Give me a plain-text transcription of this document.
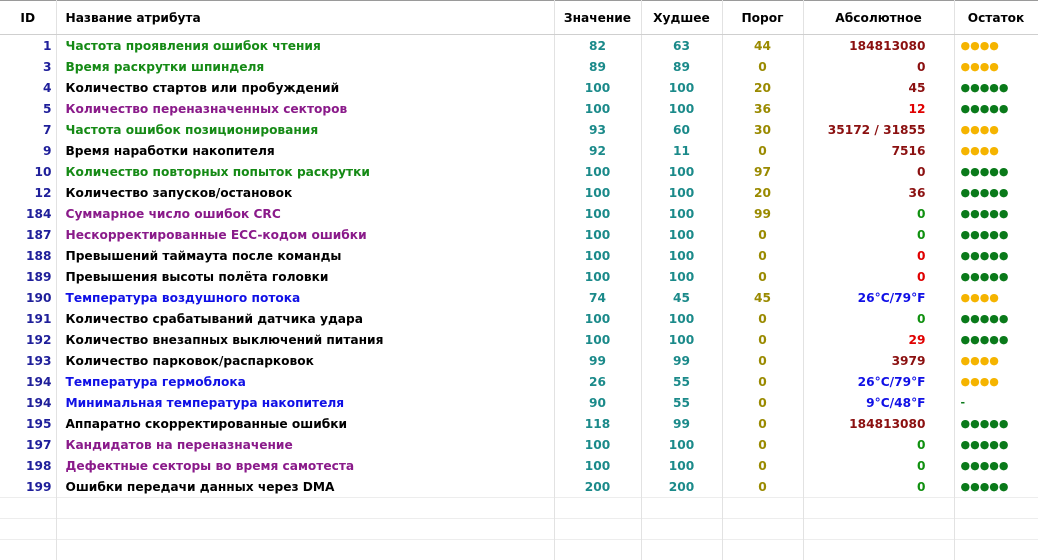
ID	Название атрибута	Значение	Худшее	Порог	Абсолютное	Остаток
1	Частота проявления ошибок чтения	82	63	44	184813080	●●●●
3	Время раскрутки шпинделя	89	89	0	0	●●●●
4	Количество стартов или пробуждений	100	100	20	45	●●●●●
5	Количество переназначенных секторов	100	100	36	12	●●●●●
7	Частота ошибок позиционирования	93	60	30	35172 / 31855	●●●●
9	Время наработки накопителя	92	11	0	7516	●●●●
10	Количество повторных попыток раскрутки	100	100	97	0	●●●●●
12	Количество запусков/остановок	100	100	20	36	●●●●●
184	Суммарное число ошибок CRC	100	100	99	0	●●●●●
187	Нескорректированные ECC-кодом ошибки	100	100	0	0	●●●●●
188	Превышений таймаута после команды	100	100	0	0	●●●●●
189	Превышения высоты полёта головки	100	100	0	0	●●●●●
190	Температура воздушного потока	74	45	45	26°C/79°F	●●●●
191	Количество срабатываний датчика удара	100	100	0	0	●●●●●
192	Количество внезапных выключений питания	100	100	0	29	●●●●●
193	Количество парковок/распарковок	99	99	0	3979	●●●●
194	Температура гермоблока	26	55	0	26°C/79°F	●●●●
194	Минимальная температура накопителя	90	55	0	9°C/48°F	-
195	Аппаратно скорректированные ошибки	118	99	0	184813080	●●●●●
197	Кандидатов на переназначение	100	100	0	0	●●●●●
198	Дефектные секторы во время самотеста	100	100	0	0	●●●●●
199	Ошибки передачи данных через DMA	200	200	0	0	●●●●●
